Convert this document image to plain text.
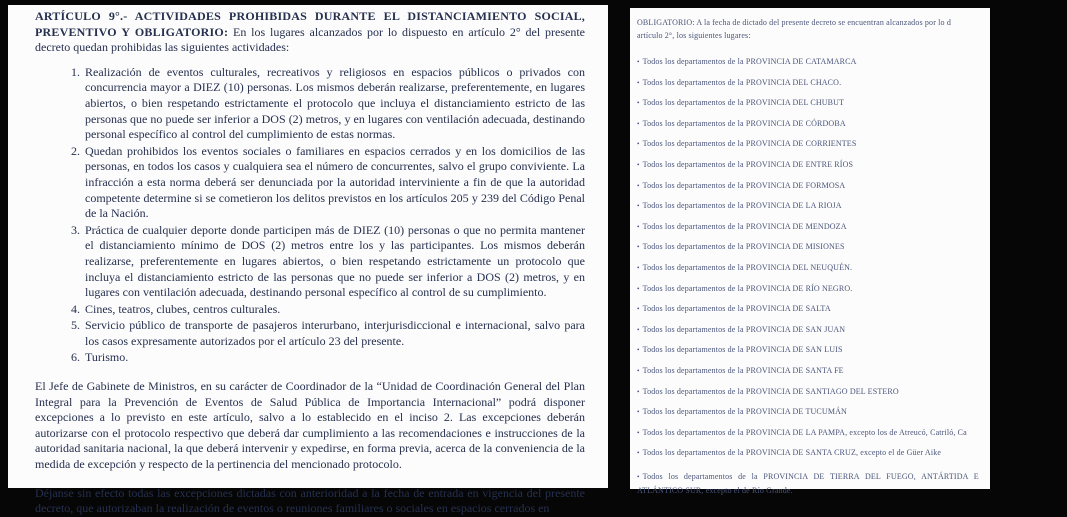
ARTÍCULO 9°.- ACTIVIDADES PROHIBIDAS DURANTE EL DISTANCIAMIENTO SOCIAL, PREVENTIVO Y OBLIGATORIO: En los lugares alcanzados por lo dispuesto en artículo 2° del presente decreto quedan prohibidas las siguientes actividades:

1. Realización de eventos culturales, recreativos y religiosos en espacios públicos o privados con concurrencia mayor a DIEZ (10) personas. Los mismos deberán realizarse, preferentemente, en lugares abiertos, o bien respetando estrictamente el protocolo que incluya el distanciamiento estricto de las personas que no puede ser inferior a DOS (2) metros, y en lugares con ventilación adecuada, destinando personal específico al control del cumplimiento de estas normas.
2. Quedan prohibidos los eventos sociales o familiares en espacios cerrados y en los domicilios de las personas, en todos los casos y cualquiera sea el número de concurrentes, salvo el grupo conviviente. La infracción a esta norma deberá ser denunciada por la autoridad interviniente a fin de que la autoridad competente determine si se cometieron los delitos previstos en los artículos 205 y 239 del Código Penal de la Nación.
3. Práctica de cualquier deporte donde participen más de DIEZ (10) personas o que no permita mantener el distanciamiento mínimo de DOS (2) metros entre los y las participantes. Los mismos deberán realizarse, preferentemente en lugares abiertos, o bien respetando estrictamente un protocolo que incluya el distanciamiento estricto de las personas que no puede ser inferior a DOS (2) metros, y en lugares con ventilación adecuada, destinando personal específico al control de su cumplimiento.
4. Cines, teatros, clubes, centros culturales.
5. Servicio público de transporte de pasajeros interurbano, interjurisdiccional e internacional, salvo para los casos expresamente autorizados por el artículo 23 del presente.
6. Turismo.

El Jefe de Gabinete de Ministros, en su carácter de Coordinador de la “Unidad de Coordinación General del Plan Integral para la Prevención de Eventos de Salud Pública de Importancia Internacional” podrá disponer excepciones a lo previsto en este artículo, salvo a lo establecido en el inciso 2. Las excepciones deberán autorizarse con el protocolo respectivo que deberá dar cumplimiento a las recomendaciones e instrucciones de la autoridad sanitaria nacional, la que deberá intervenir y expedirse, en forma previa, acerca de la conveniencia de la medida de excepción y respecto de la pertinencia del mencionado protocolo.

Déjanse sin efecto todas las excepciones dictadas con anterioridad a la fecha de entrada en vigencia del presente decreto, que autorizaban la realización de eventos o reuniones familiares o sociales en espacios cerrados en

OBLIGATORIO: A la fecha de dictado del presente decreto se encuentran alcanzados por lo d
artículo 2°, los siguientes lugares:
• Todos los departamentos de la PROVINCIA DE CATAMARCA
• Todos los departamentos de la PROVINCIA DEL CHACO.
• Todos los departamentos de la PROVINCIA DEL CHUBUT
• Todos los departamentos de la PROVINCIA DE CÓRDOBA
• Todos los departamentos de la PROVINCIA DE CORRIENTES
• Todos los departamentos de la PROVINCIA DE ENTRE RÍOS
• Todos los departamentos de la PROVINCIA DE FORMOSA
• Todos los departamentos de la PROVINCIA DE LA RIOJA
• Todos los departamentos de la PROVINCIA DE MENDOZA
• Todos los departamentos de la PROVINCIA DE MISIONES
• Todos los departamentos de la PROVINCIA DEL NEUQUÉN.
• Todos los departamentos de la PROVINCIA DE RÍO NEGRO.
• Todos los departamentos de la PROVINCIA DE SALTA
• Todos los departamentos de la PROVINCIA DE SAN JUAN
• Todos los departamentos de la PROVINCIA DE SAN LUIS
• Todos los departamentos de la PROVINCIA DE SANTA FE
• Todos los departamentos de la PROVINCIA DE SANTIAGO DEL ESTERO
• Todos los departamentos de la PROVINCIA DE TUCUMÁN
• Todos los departamentos de la PROVINCIA DE LA PAMPA, excepto los de Atreucó, Catriló, Ca
• Todos los departamentos de la PROVINCIA DE SANTA CRUZ, excepto el de Güer Aike
• Todos los departamentos de la PROVINCIA DE TIERRA DEL FUEGO, ANTÁRTIDA E
ATLÁNTICO SUR, excepto el de Río Grande.
